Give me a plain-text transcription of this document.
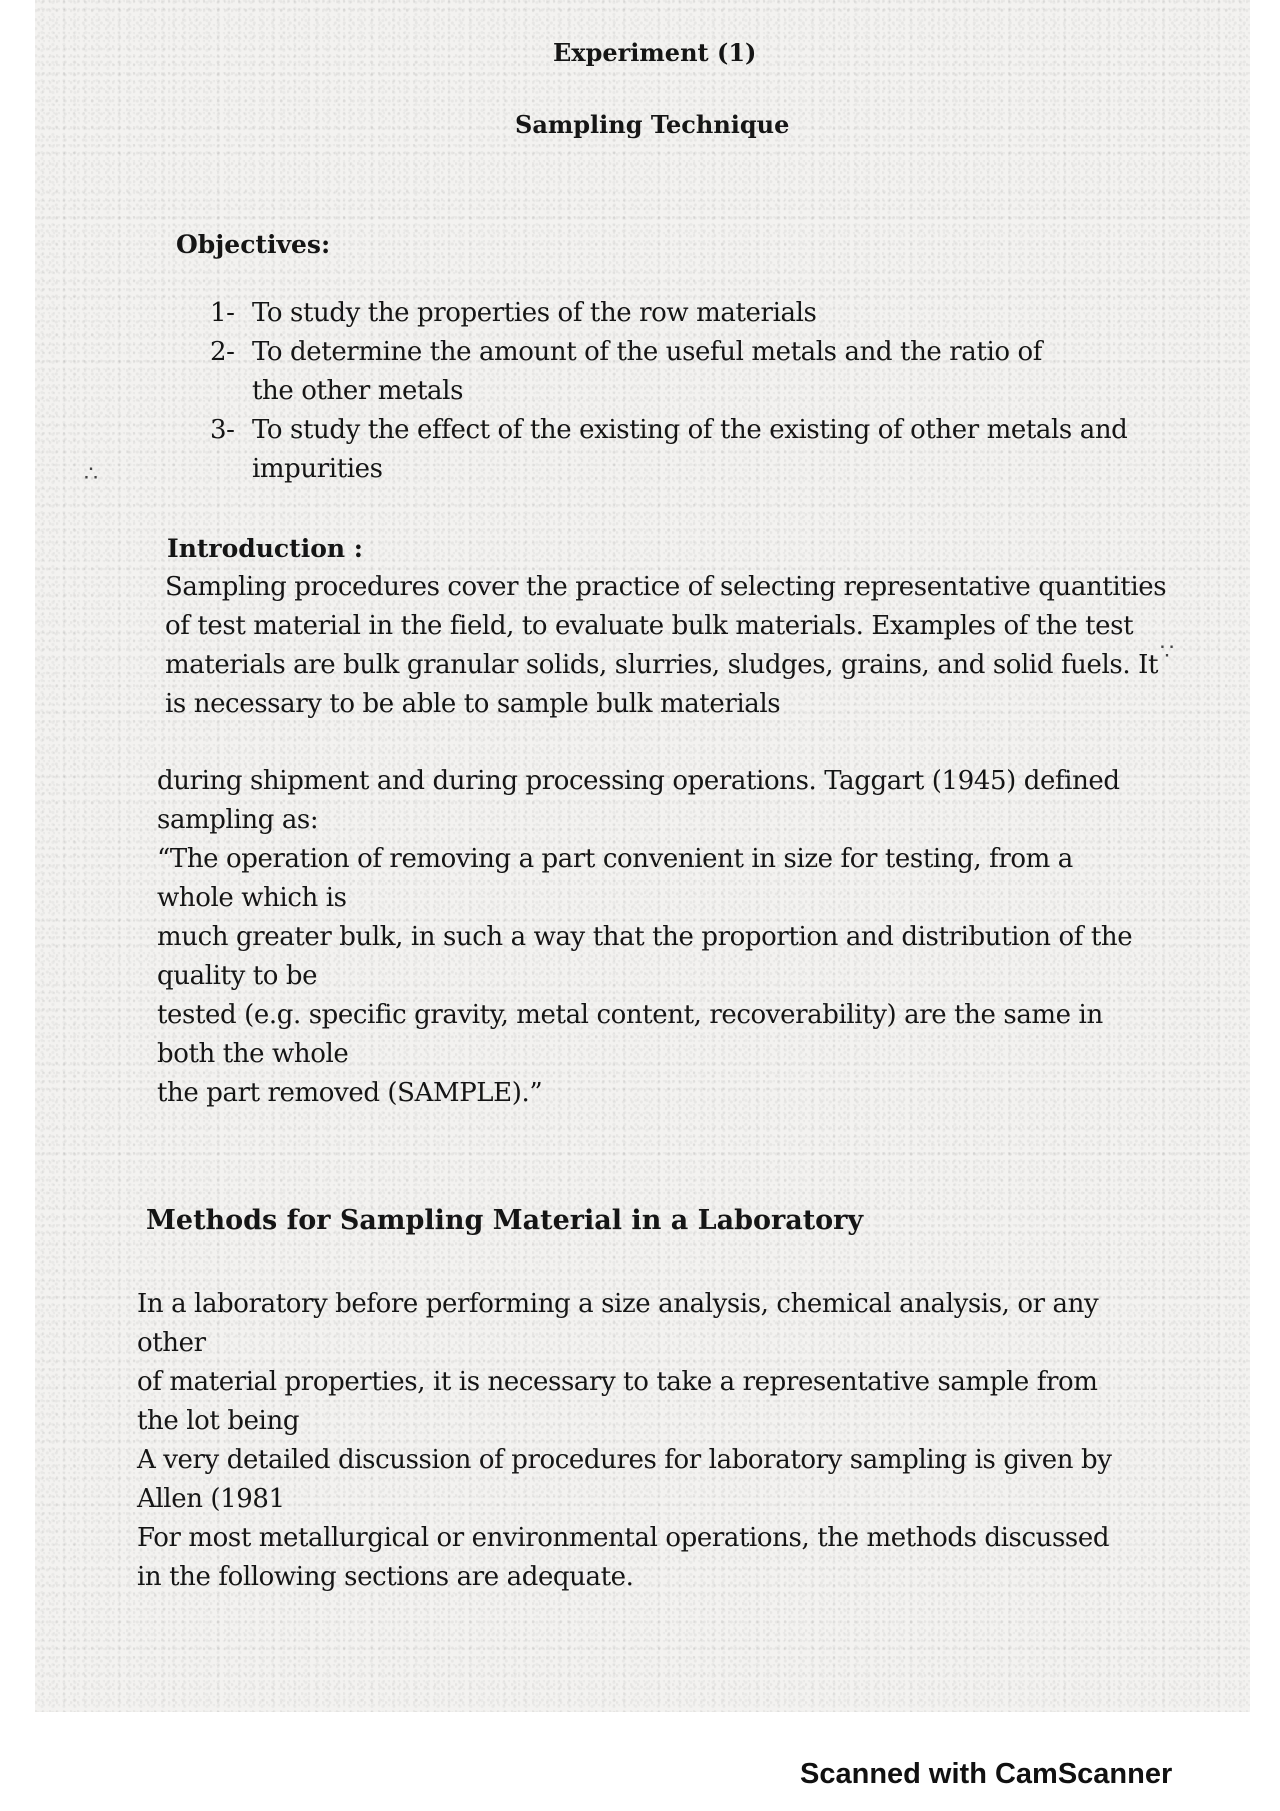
Experiment (1)
Sampling Technique
Objectives:
1- To study the properties of the row materials
2- To determine the amount of the useful metals and the ratio of the other metals
3- To study the effect of the existing of the existing of other metals and impurities
Introduction :
Sampling procedures cover the practice of selecting representative quantities of test material in the field, to evaluate bulk materials. Examples of the test materials are bulk granular solids, slurries, sludges, grains, and solid fuels. It is necessary to be able to sample bulk materials
during shipment and during processing operations. Taggart (1945) defined
sampling as:
“The operation of removing a part convenient in size for testing, from a
whole which is
much greater bulk, in such a way that the proportion and distribution of the
quality to be
tested (e.g. specific gravity, metal content, recoverability) are the same in
both the whole
the part removed (SAMPLE).”
Methods for Sampling Material in a Laboratory
In a laboratory before performing a size analysis, chemical analysis, or any
other
of material properties, it is necessary to take a representative sample from
the lot being
A very detailed discussion of procedures for laboratory sampling is given by
Allen (1981
For most metallurgical or environmental operations, the methods discussed
in the following sections are adequate.
∴
∵
Scanned with CamScanner
